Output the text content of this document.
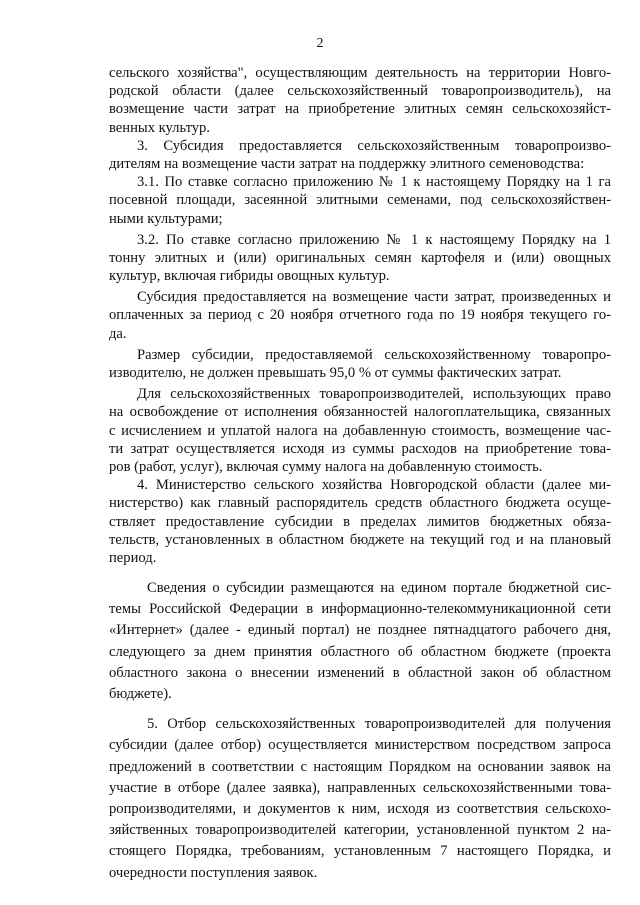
2
сельского хозяйства", осуществляющим деятельность на территории Новго-
родской области (далее сельскохозяйственный товаропроизводитель), на
возмещение части затрат на приобретение элитных семян сельскохозяйст-
венных культур.
3. Субсидия предоставляется сельскохозяйственным товаропроизво-
дителям на возмещение части затрат на поддержку элитного семеноводства:
3.1. По ставке согласно приложению № 1 к настоящему Порядку на 1 га
посевной площади, засеянной элитными семенами, под сельскохозяйствен-
ными культурами;
3.2. По ставке согласно приложению № 1 к настоящему Порядку на 1
тонну элитных и (или) оригинальных семян картофеля и (или) овощных
культур, включая гибриды овощных культур.
Субсидия предоставляется на возмещение части затрат, произведенных и
оплаченных за период с 20 ноября отчетного года по 19 ноября текущего го-
да.
Размер субсидии, предоставляемой сельскохозяйственному товаропро-
изводителю, не должен превышать 95,0 % от суммы фактических затрат.
Для сельскохозяйственных товаропроизводителей, использующих право
на освобождение от исполнения обязанностей налогоплательщика, связанных
с исчислением и уплатой налога на добавленную стоимость, возмещение час-
ти затрат осуществляется исходя из суммы расходов на приобретение това-
ров (работ, услуг), включая сумму налога на добавленную стоимость.
4. Министерство сельского хозяйства Новгородской области (далее ми-
нистерство) как главный распорядитель средств областного бюджета осуще-
ствляет предоставление субсидии в пределах лимитов бюджетных обяза-
тельств, установленных в областном бюджете на текущий год и на плановый
период.
Сведения о субсидии размещаются на едином портале бюджетной сис-
темы Российской Федерации в информационно-телекоммуникационной сети
«Интернет» (далее - единый портал) не позднее пятнадцатого рабочего дня,
следующего за днем принятия областного об областном бюджете (проекта
областного закона о внесении изменений в областной закон об областном
бюджете).
5. Отбор сельскохозяйственных товаропроизводителей для получения
субсидии (далее отбор) осуществляется министерством посредством запроса
предложений в соответствии с настоящим Порядком на основании заявок на
участие в отборе (далее заявка), направленных сельскохозяйственными това-
ропроизводителями, и документов к ним, исходя из соответствия сельскохо-
зяйственных товаропроизводителей категории, установленной пунктом 2 на-
стоящего Порядка, требованиям, установленным 7 настоящего Порядка, и
очередности поступления заявок.
